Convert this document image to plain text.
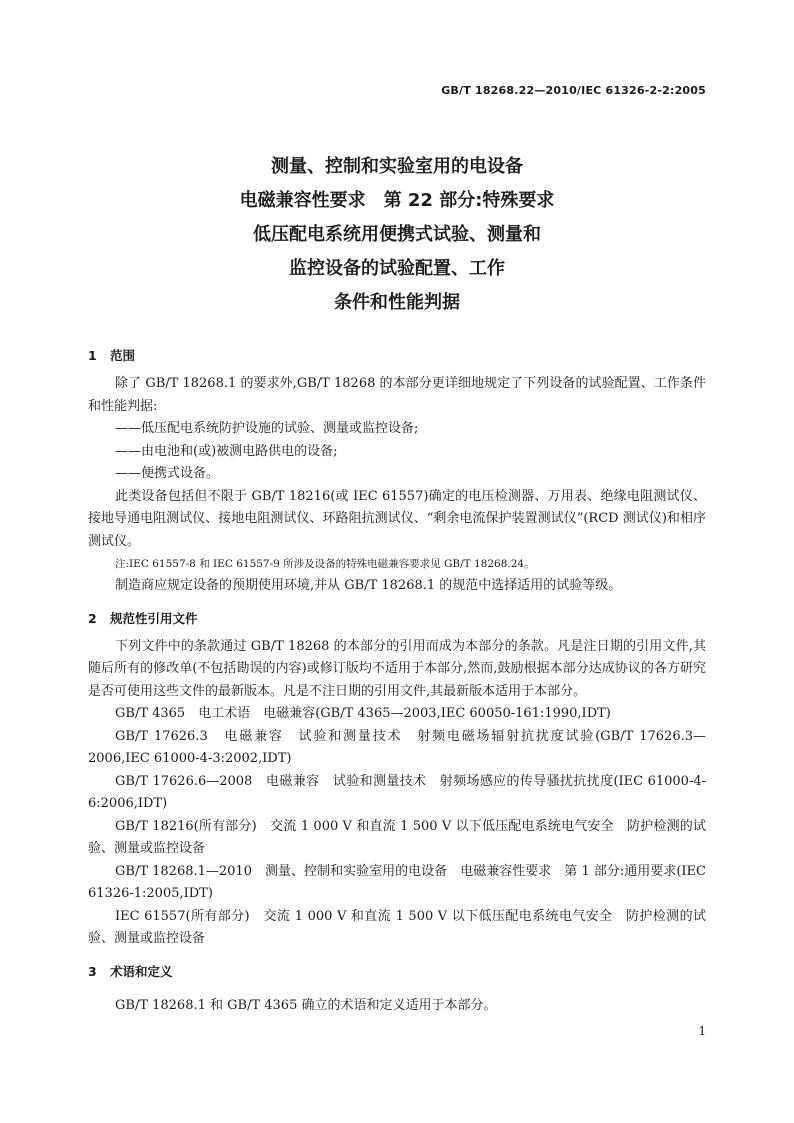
GB/T 18268.22—2010/IEC 61326-2-2:2005
测量、控制和实验室用的电设备
电磁兼容性要求　第 22 部分:特殊要求
低压配电系统用便携式试验、测量和
监控设备的试验配置、工作
条件和性能判据
1 范围

除了 GB/T 18268.1 的要求外,GB/T 18268 的本部分更详细地规定了下列设备的试验配置、工作条件和性能判据:

——低压配电系统防护设施的试验、测量或监控设备;

——由电池和(或)被测电路供电的设备;

——便携式设备。

此类设备包括但不限于 GB/T 18216(或 IEC 61557)确定的电压检测器、万用表、绝缘电阻测试仪、接地导通电阻测试仪、接地电阻测试仪、环路阻抗测试仪、“剩余电流保护装置测试仪”(RCD 测试仪)和相序测试仪。

注:IEC 61557-8 和 IEC 61557-9 所涉及设备的特殊电磁兼容要求见 GB/T 18268.24。

制造商应规定设备的预期使用环境,并从 GB/T 18268.1 的规范中选择适用的试验等级。

2 规范性引用文件

下列文件中的条款通过 GB/T 18268 的本部分的引用而成为本部分的条款。凡是注日期的引用文件,其随后所有的修改单(不包括勘误的内容)或修订版均不适用于本部分,然而,鼓励根据本部分达成协议的各方研究是否可使用这些文件的最新版本。凡是不注日期的引用文件,其最新版本适用于本部分。

GB/T 4365　电工术语　电磁兼容(GB/T 4365—2003,IEC 60050-161:1990,IDT)

GB/T 17626.3　电磁兼容　试验和测量技术　射频电磁场辐射抗扰度试验(GB/T 17626.3—2006,IEC 61000-4-3:2002,IDT)

GB/T 17626.6—2008　电磁兼容　试验和测量技术　射频场感应的传导骚扰抗扰度(IEC 61000-4-6:2006,IDT)

GB/T 18216(所有部分)　交流 1 000 V 和直流 1 500 V 以下低压配电系统电气安全　防护检测的试验、测量或监控设备

GB/T 18268.1—2010　测量、控制和实验室用的电设备　电磁兼容性要求　第 1 部分:通用要求(IEC 61326-1:2005,IDT)

IEC 61557(所有部分)　交流 1 000 V 和直流 1 500 V 以下低压配电系统电气安全　防护检测的试验、测量或监控设备

3 术语和定义

GB/T 18268.1 和 GB/T 4365 确立的术语和定义适用于本部分。

1
